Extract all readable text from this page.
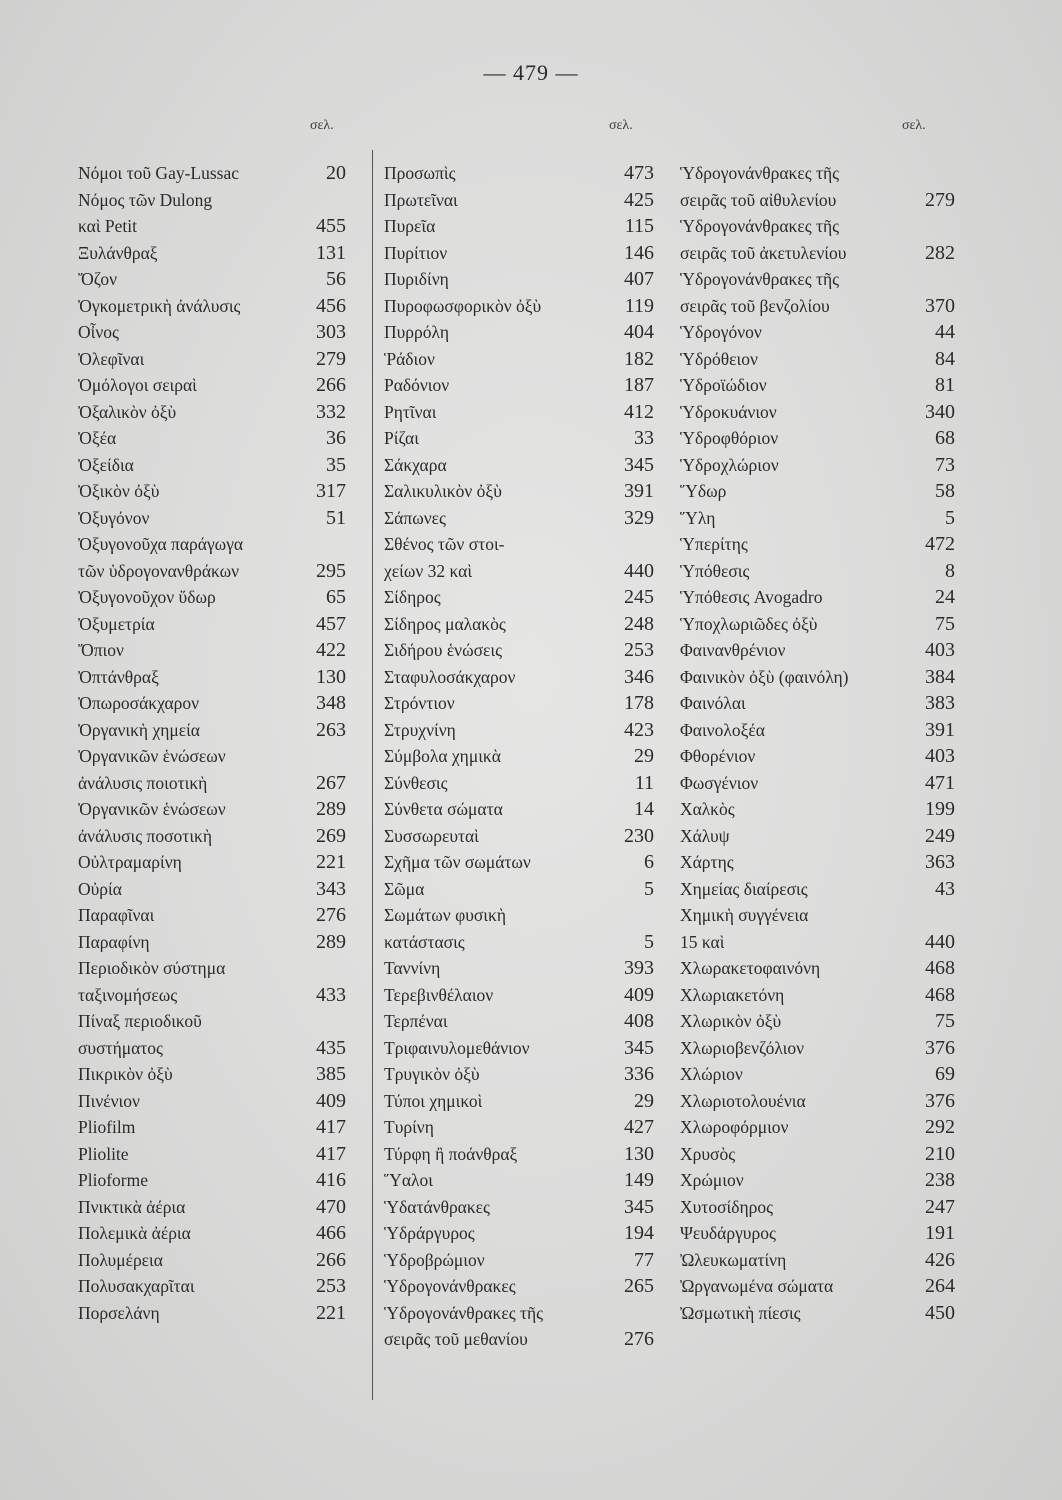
— 479 —
σελ.
Νόμοι τοῦ Gay-Lussac	20
Νόμος τῶν Dulong
καὶ Petit	455
Ξυλάνθραξ	131
Ὄζον	56
Ὀγκομετρικὴ ἀνάλυσις	456
Οἶνος	303
Ὀλεφῖναι	279
Ὁμόλογοι σειραὶ	266
Ὀξαλικὸν ὀξὺ	332
Ὀξέα	36
Ὀξείδια	35
Ὀξικὸν ὀξὺ	317
Ὀξυγόνον	51
Ὀξυγονοῦχα παράγωγα
τῶν ὑδρογονανθράκων	295
Ὀξυγονοῦχον ὕδωρ	65
Ὀξυμετρία	457
Ὄπιον	422
Ὀπτάνθραξ	130
Ὀπωροσάκχαρον	348
Ὀργανικὴ χημεία	263
Ὀργανικῶν ἑνώσεων
ἀνάλυσις ποιοτικὴ	267
Ὀργανικῶν ἑνώσεων	289
ἀνάλυσις ποσοτικὴ	269
Οὐλτραμαρίνη	221
Οὐρία	343
Παραφῖναι	276
Παραφίνη	289
Περιοδικὸν σύστημα
ταξινομήσεως	433
Πίναξ περιοδικοῦ
συστήματος	435
Πικρικὸν ὀξὺ	385
Πινένιον	409
Pliofilm	417
Pliolite	417
Plioforme	416
Πνικτικὰ ἀέρια	470
Πολεμικὰ ἀέρια	466
Πολυμέρεια	266
Πολυσακχαρῖται	253
Πορσελάνη	221
σελ.
Προσωπὶς	473
Πρωτεῖναι	425
Πυρεῖα	115
Πυρίτιον	146
Πυριδίνη	407
Πυροφωσφορικὸν ὀξὺ	119
Πυρρόλη	404
Ῥάδιον	182
Ραδόνιον	187
Ρητῖναι	412
Ρίζαι	33
Σάκχαρα	345
Σαλικυλικὸν ὀξὺ	391
Σάπωνες	329
Σθένος τῶν στοι-
χείων 32 καὶ	440
Σίδηρος	245
Σίδηρος μαλακὸς	248
Σιδήρου ἑνώσεις	253
Σταφυλοσάκχαρον	346
Στρόντιον	178
Στρυχνίνη	423
Σύμβολα χημικὰ	29
Σύνθεσις	11
Σύνθετα σώματα	14
Συσσωρευταὶ	230
Σχῆμα τῶν σωμάτων	6
Σῶμα	5
Σωμάτων φυσικὴ
κατάστασις	5
Ταννίνη	393
Τερεβινθέλαιον	409
Τερπέναι	408
Τριφαινυλομεθάνιον	345
Τρυγικὸν ὀξὺ	336
Τύποι χημικοὶ	29
Τυρίνη	427
Τύρφη ἢ ποάνθραξ	130
Ὕαλοι	149
Ὑδατάνθρακες	345
Ὑδράργυρος	194
Ὑδροβρώμιον	77
Ὑδρογονάνθρακες	265
Ὑδρογονάνθρακες τῆς
σειρᾶς τοῦ μεθανίου	276
σελ.
Ὑδρογονάνθρακες τῆς
σειρᾶς τοῦ αἰθυλενίου	279
Ὑδρογονάνθρακες τῆς
σειρᾶς τοῦ ἀκετυλενίου	282
Ὑδρογονάνθρακες τῆς
σειρᾶς τοῦ βενζολίου	370
Ὑδρογόνον	44
Ὑδρόθειον	84
Ὑδροϊώδιον	81
Ὑδροκυάνιον	340
Ὑδροφθόριον	68
Ὑδροχλώριον	73
Ὕδωρ	58
Ὕλη	5
Ὑπερίτης	472
Ὑπόθεσις	8
Ὑπόθεσις Avogadro	24
Ὑποχλωριῶδες ὀξὺ	75
Φαινανθρένιον	403
Φαινικὸν ὀξὺ (φαινόλη)	384
Φαινόλαι	383
Φαινολοξέα	391
Φθορένιον	403
Φωσγένιον	471
Χαλκὸς	199
Χάλυψ	249
Χάρτης	363
Χημείας διαίρεσις	43
Χημικὴ συγγένεια
15 καὶ	440
Χλωρακετοφαινόνη	468
Χλωριακετόνη	468
Χλωρικὸν ὀξὺ	75
Χλωριοβενζόλιον	376
Χλώριον	69
Χλωριοτολουένια	376
Χλωροφόρμιον	292
Χρυσὸς	210
Χρώμιον	238
Χυτοσίδηρος	247
Ψευδάργυρος	191
Ὠλευκωματίνη	426
Ὠργανωμένα σώματα	264
Ὠσμωτικὴ πίεσις	450
